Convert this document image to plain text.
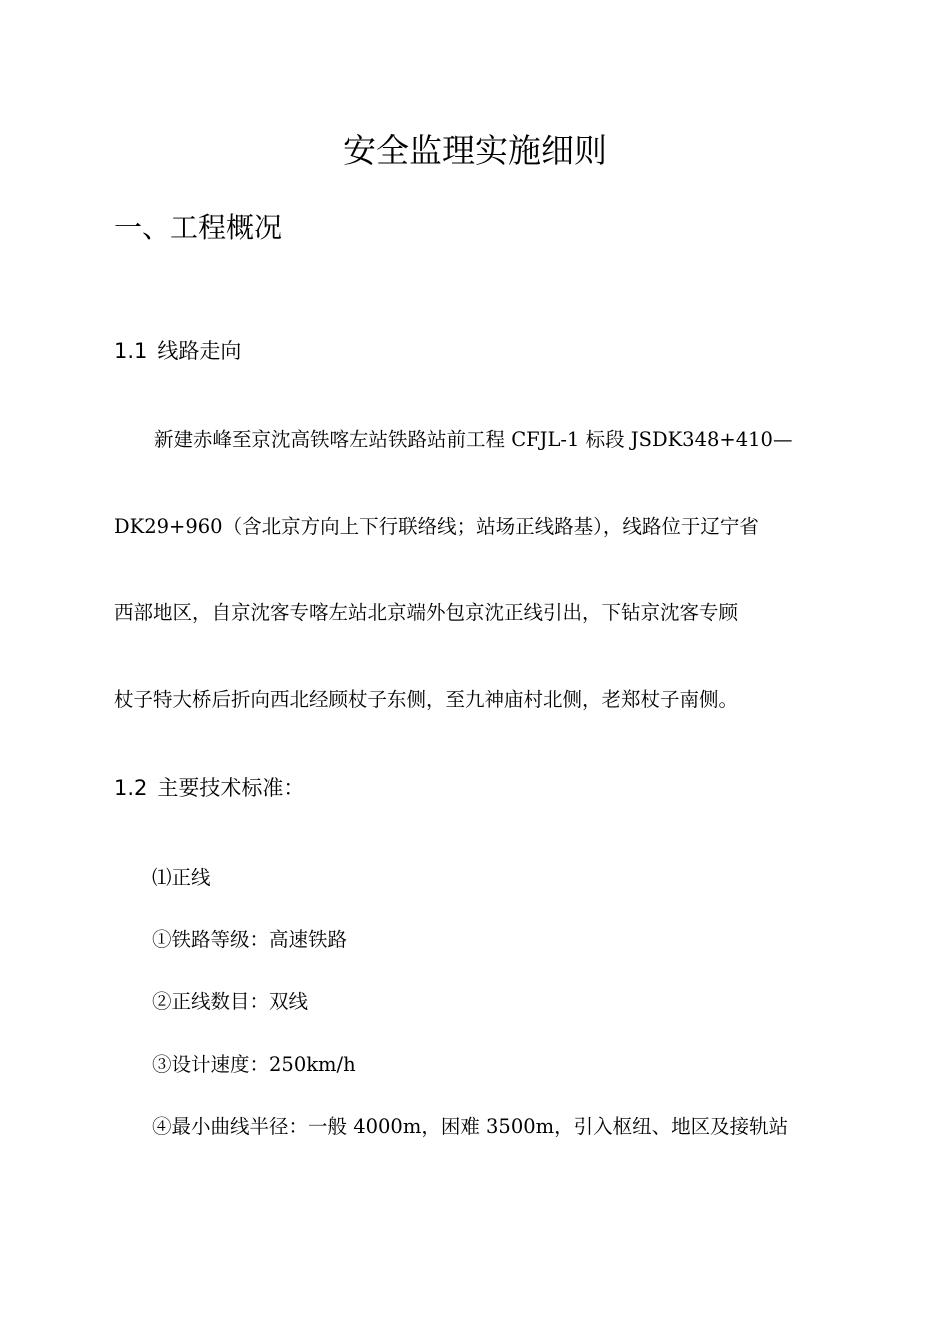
安全监理实施细则
一、工程概况
1.1 线路走向
新建赤峰至京沈高铁喀左站铁路站前工程 CFJL-1 标段 JSDK348+410—
DK29+960（含北京方向上下行联络线；站场正线路基），线路位于辽宁省
西部地区，自京沈客专喀左站北京端外包京沈正线引出，下钻京沈客专顾
杖子特大桥后折向西北经顾杖子东侧，至九神庙村北侧，老郑杖子南侧。
1.2 主要技术标准：
⑴正线
①铁路等级：高速铁路
②正线数目：双线
③设计速度：250km/h
④最小曲线半径：一般 4000m，困难 3500m，引入枢纽、地区及接轨站
